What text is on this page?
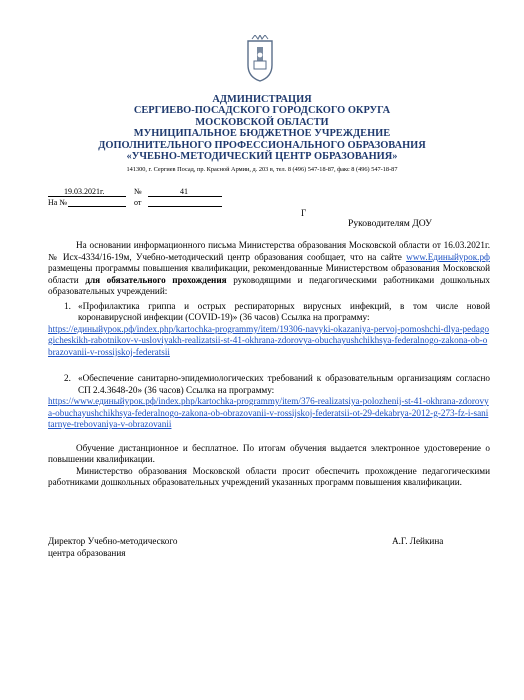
АДМИНИСТРАЦИЯ
СЕРГИЕВО-ПОСАДСКОГО ГОРОДСКОГО ОКРУГА
МОСКОВСКОЙ ОБЛАСТИ
МУНИЦИПАЛЬНОЕ БЮДЖЕТНОЕ УЧРЕЖДЕНИЕ
ДОПОЛНИТЕЛЬНОГО ПРОФЕССИОНАЛЬНОГО ОБРАЗОВАНИЯ
«УЧЕБНО-МЕТОДИЧЕСКИЙ ЦЕНТР ОБРАЗОВАНИЯ»
141300, г. Сергиев Посад, пр. Красной Армии, д. 203 в, тел. 8 (496) 547-18-87, факс 8 (496) 547-18-87
19.03.2021г.	№	41
На №	от
Г
Руководителям ДОУ

На основании информационного письма Министерства образования Московской области от 16.03.2021г. № Исх-4334/16-19м, Учебно-методический центр образования сообщает, что на сайте www.Единыйурок.рф размещены программы повышения квалификации, рекомендованные Министерством образования Московской области для обязательного прохождения руководящими и педагогическими работниками дошкольных образовательных учреждений:

1. «Профилактика гриппа и острых респираторных вирусных инфекций, в том числе новой коронавирусной инфекции (COVID-19)» (36 часов) Ссылка на программу:
https://единыйурок.рф/index.php/kartochka-programmy/item/19306-navyki-okazaniya-pervoj-pomoshchi-dlya-pedagogicheskikh-rabotnikov-v-usloviyakh-realizatsii-st-41-okhrana-zdorovya-obuchayushchikhsya-federalnogo-zakona-ob-obrazovanii-v-rossijskoj-federatsii
2. «Обеспечение санитарно-эпидемиологических требований к образовательным организациям согласно СП 2.4.3648-20» (36 часов) Ссылка на программу:
https://www.единыйурок.рф/index.php/kartochka-programmy/item/376-realizatsiya-polozhenij-st-41-okhrana-zdorovya-obuchayushchikhsya-federalnogo-zakona-ob-obrazovanii-v-rossijskoj-federatsii-ot-29-dekabrya-2012-g-273-fz-i-sanitarnye-trebovaniya-v-obrazovanii

Обучение дистанционное и бесплатное. По итогам обучения выдается электронное удостоверение о повышении квалификации.

Министерство образования Московской области просит обеспечить прохождение педагогическими работниками дошкольных образовательных учреждений указанных программ повышения квалификации.

Директор Учебно-методического
центра образования
А.Г. Лейкина
